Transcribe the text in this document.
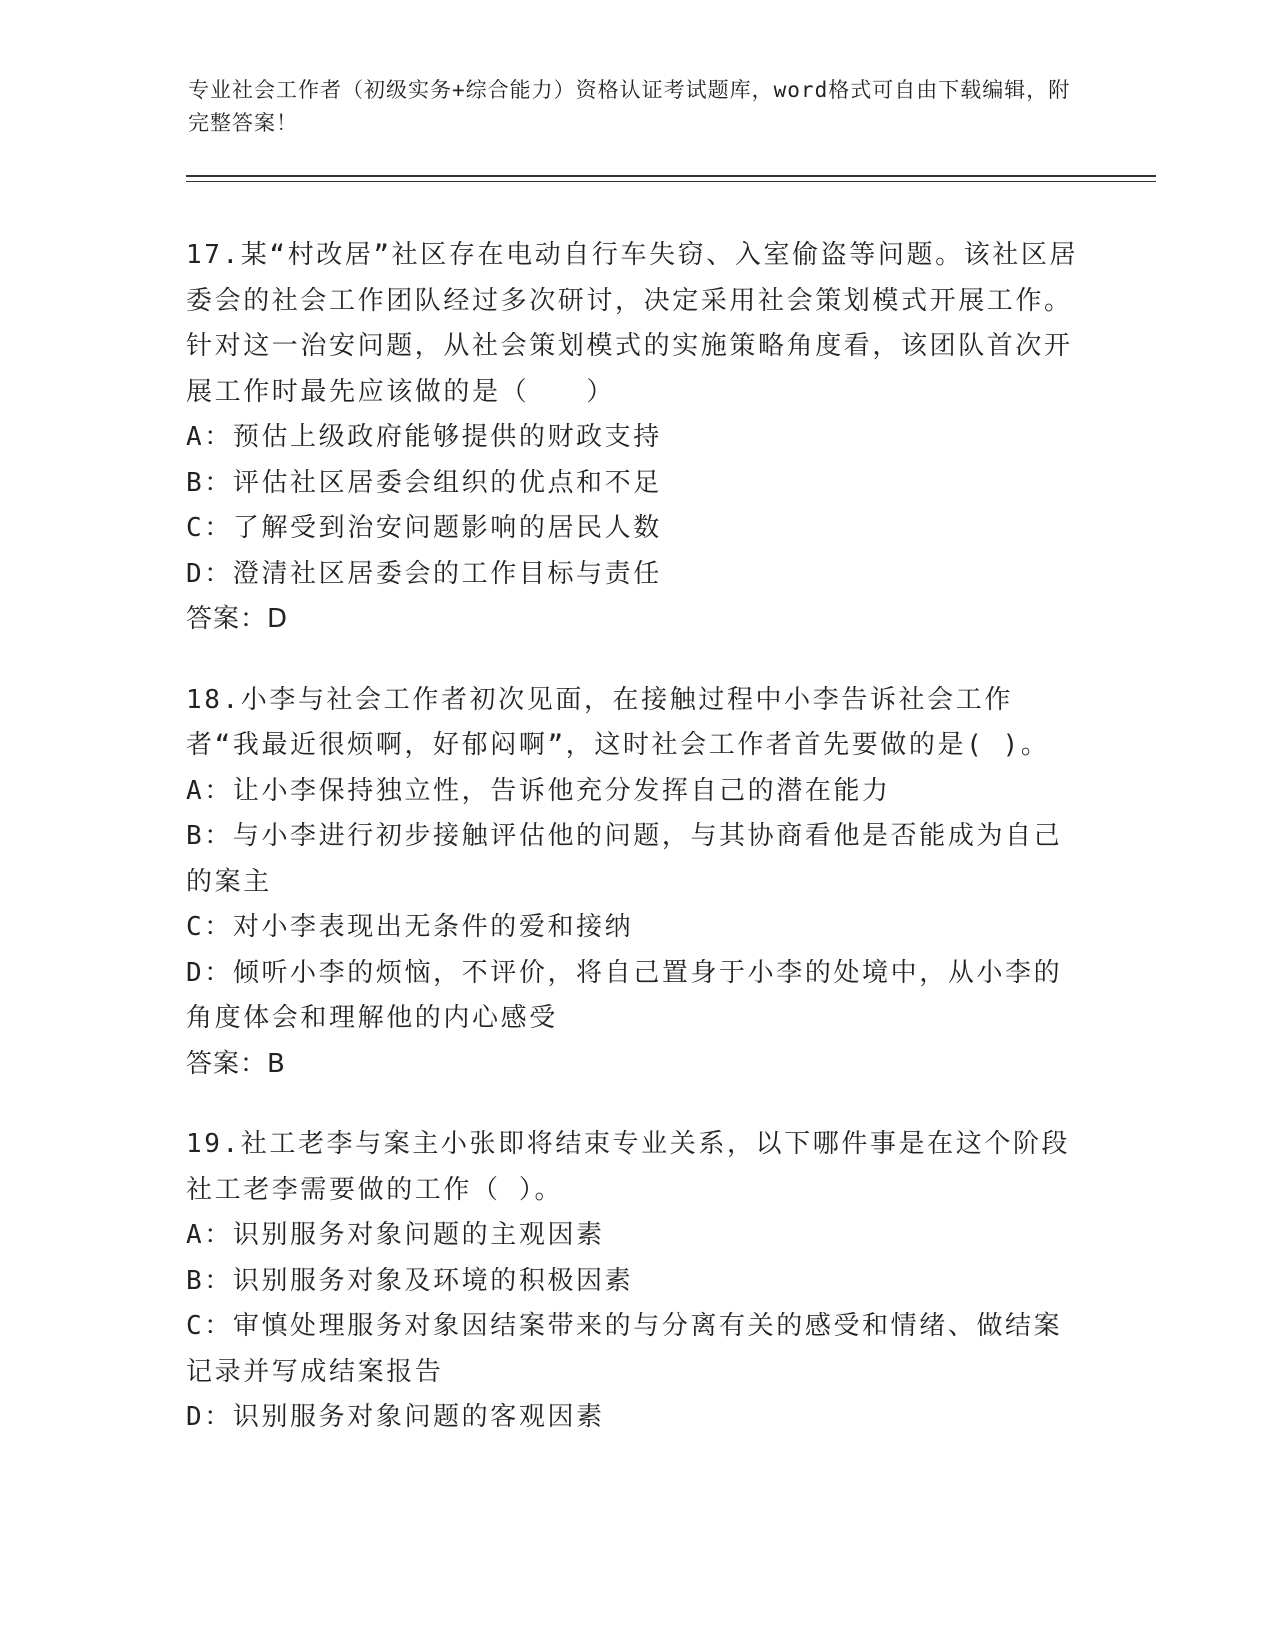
专业社会工作者（初级实务+综合能力）资格认证考试题库，word格式可自由下载编辑，附完整答案！
17.某“村改居”社区存在电动自行车失窃、入室偷盗等问题。该社区居委会的社会工作团队经过多次研讨，决定采用社会策划模式开展工作。针对这一治安问题，从社会策划模式的实施策略角度看，该团队首次开展工作时最先应该做的是（　　）
A：预估上级政府能够提供的财政支持
B：评估社区居委会组织的优点和不足
C：了解受到治安问题影响的居民人数
D：澄清社区居委会的工作目标与责任
答案：D
18.小李与社会工作者初次见面，在接触过程中小李告诉社会工作者“我最近很烦啊，好郁闷啊”，这时社会工作者首先要做的是( )。
A：让小李保持独立性，告诉他充分发挥自己的潜在能力
B：与小李进行初步接触评估他的问题，与其协商看他是否能成为自己的案主
C：对小李表现出无条件的爱和接纳
D：倾听小李的烦恼，不评价，将自己置身于小李的处境中，从小李的角度体会和理解他的内心感受
答案：B
19.社工老李与案主小张即将结束专业关系，以下哪件事是在这个阶段社工老李需要做的工作（ ）。
A：识别服务对象问题的主观因素
B：识别服务对象及环境的积极因素
C：审慎处理服务对象因结案带来的与分离有关的感受和情绪、做结案记录并写成结案报告
D：识别服务对象问题的客观因素
